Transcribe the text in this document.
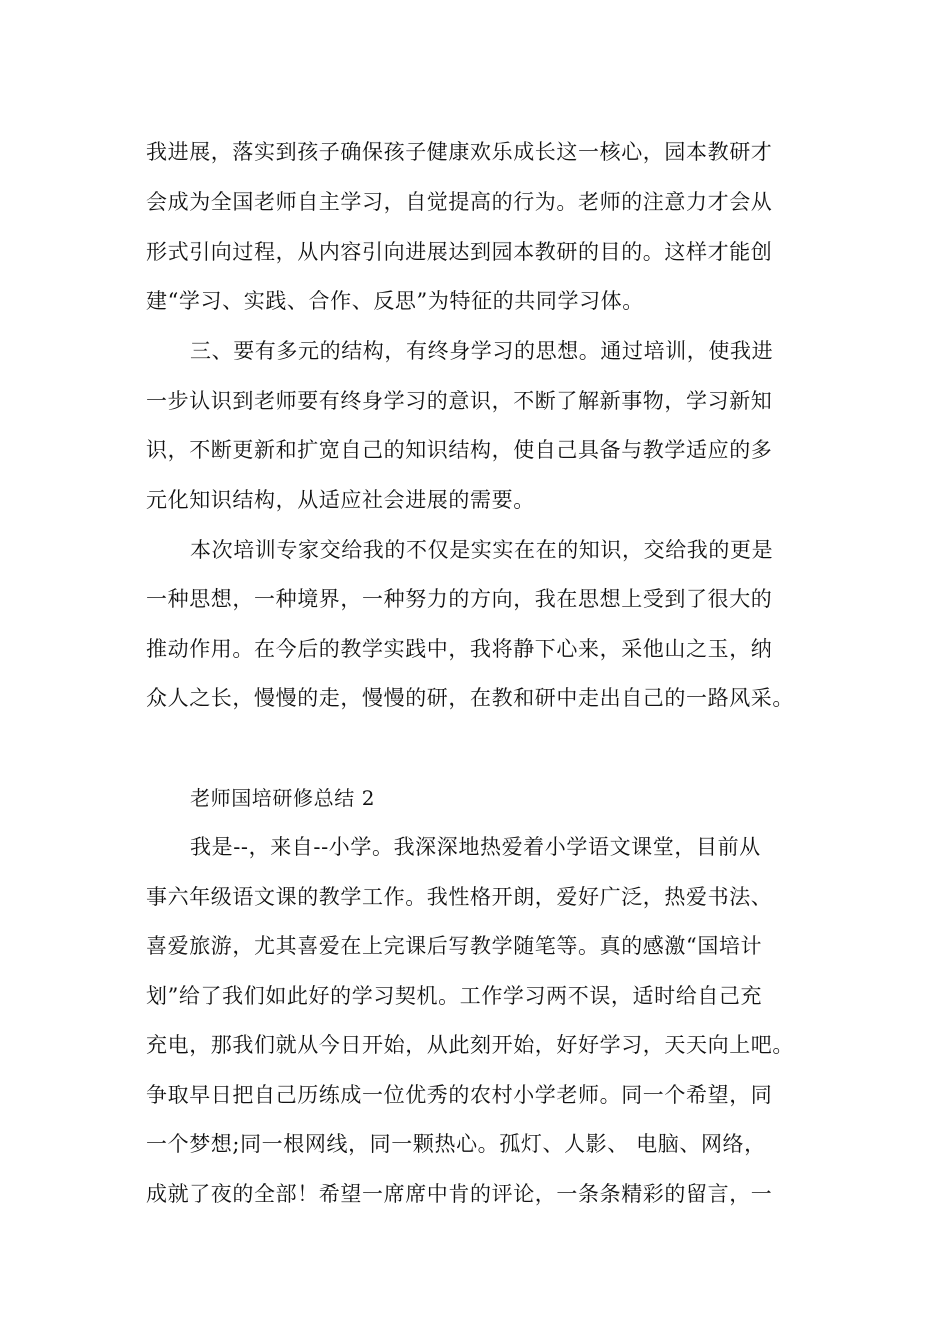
我进展，落实到孩子确保孩子健康欢乐成长这一核心，园本教研才
会成为全国老师自主学习，自觉提高的行为。老师的注意力才会从
形式引向过程，从内容引向进展达到园本教研的目的。这样才能创
建“学习、实践、合作、反思”为特征的共同学习体。
三、要有多元的结构，有终身学习的思想。通过培训，使我进
一步认识到老师要有终身学习的意识，不断了解新事物，学习新知
识，不断更新和扩宽自己的知识结构，使自己具备与教学适应的多
元化知识结构，从适应社会进展的需要。
本次培训专家交给我的不仅是实实在在的知识，交给我的更是
一种思想，一种境界，一种努力的方向，我在思想上受到了很大的
推动作用。在今后的教学实践中，我将静下心来，采他山之玉，纳
众人之长，慢慢的走，慢慢的研，在教和研中走出自己的一路风采。
老师国培研修总结 2
我是--，来自--小学。我深深地热爱着小学语文课堂，目前从
事六年级语文课的教学工作。我性格开朗，爱好广泛，热爱书法、
喜爱旅游，尤其喜爱在上完课后写教学随笔等。真的感激“国培计
划”给了我们如此好的学习契机。工作学习两不误，适时给自己充
充电，那我们就从今日开始，从此刻开始，好好学习，天天向上吧。
争取早日把自己历练成一位优秀的农村小学老师。同一个希望，同
一个梦想;同一根网线，同一颗热心。孤灯、人影、 电脑、网络，
成就了夜的全部！希望一席席中肯的评论，一条条精彩的留言，一
